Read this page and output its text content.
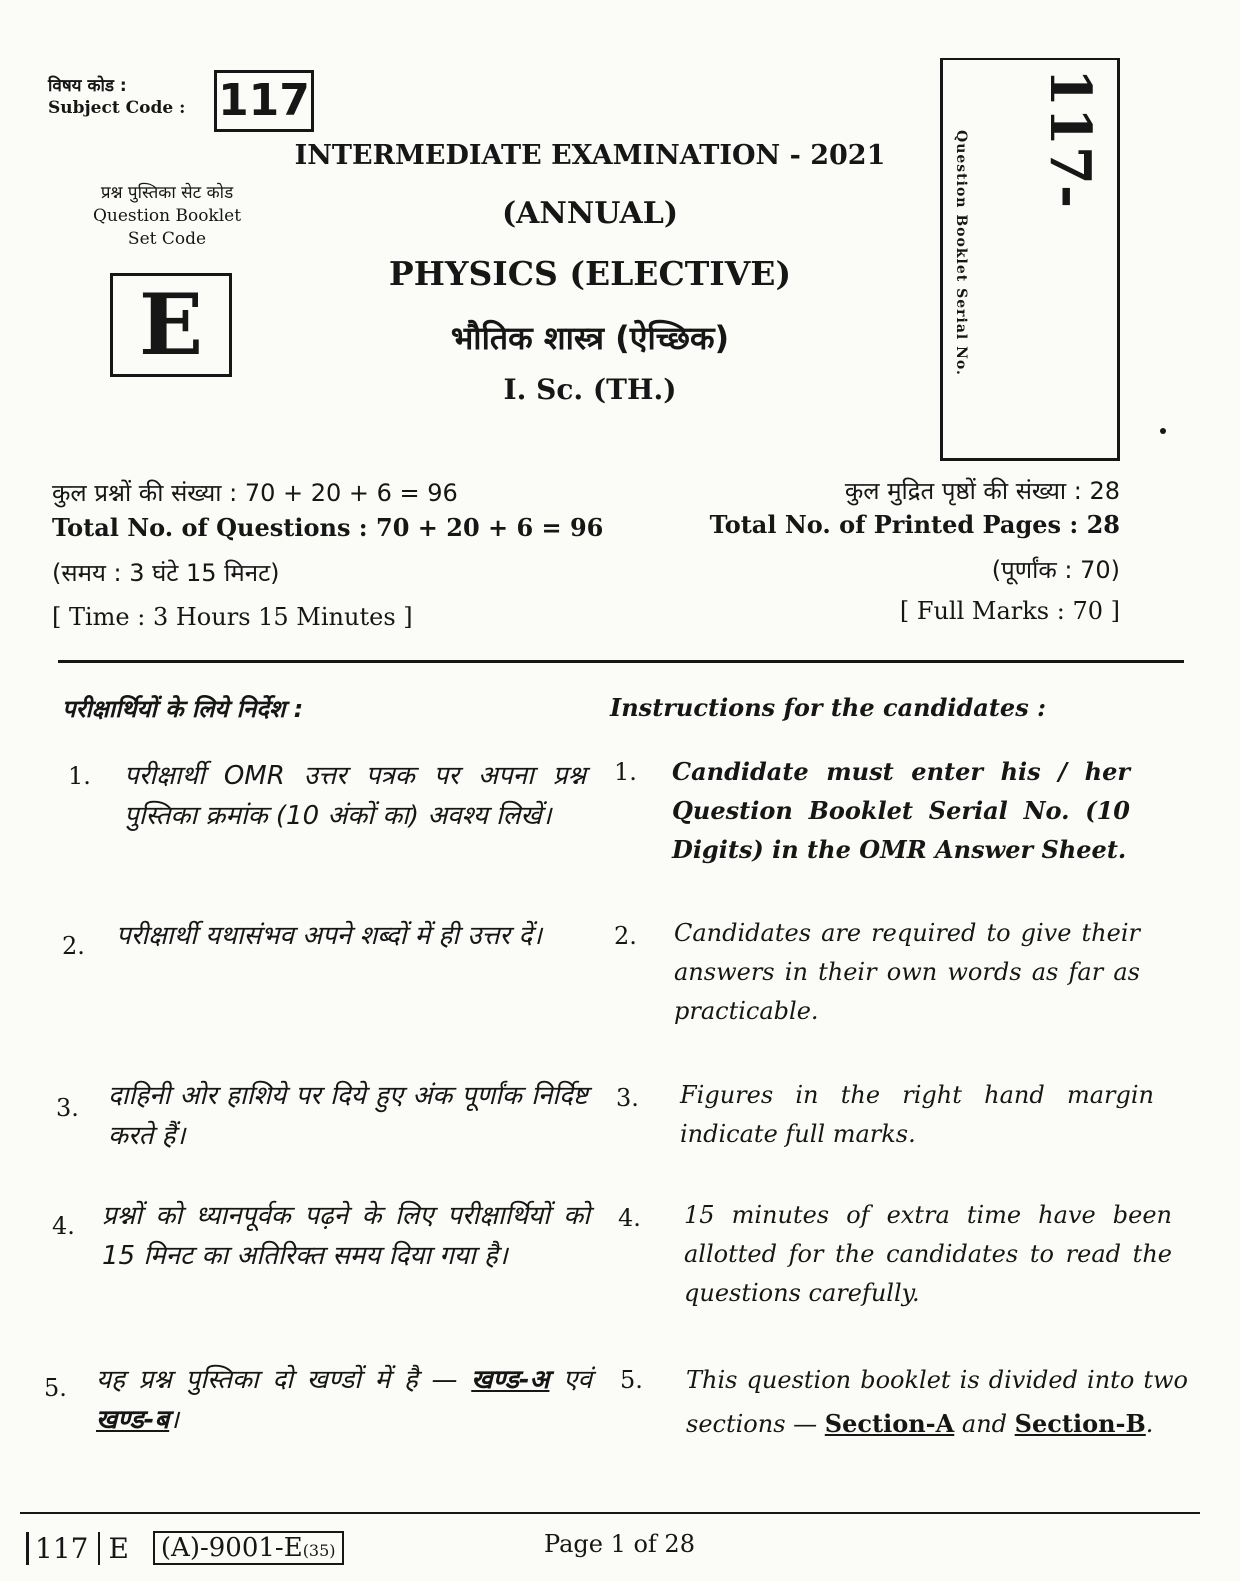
विषय कोड :
Subject Code : 117
प्रश्न पुस्तिका सेट कोड
Question Booklet
Set Code
E
INTERMEDIATE EXAMINATION - 2021
(ANNUAL)
PHYSICS (ELECTIVE)
भौतिक शास्त्र (ऐच्छिक)
I. Sc. (TH.)
Question Booklet Serial No. 117-
कुल प्रश्नों की संख्या : 70 + 20 + 6 = 96
Total No. of Questions : 70 + 20 + 6 = 96
(समय : 3 घंटे 15 मिनट)
[ Time : 3 Hours 15 Minutes ]
कुल मुद्रित पृष्ठों की संख्या : 28
Total No. of Printed Pages : 28
(पूर्णांक : 70)
[ Full Marks : 70 ]
परीक्षार्थियों के लिये निर्देश :	Instructions for the candidates :
1. परीक्षार्थी OMR उत्तर पत्रक पर अपना प्रश्न पुस्तिका क्रमांक (10 अंकों का) अवश्य लिखें।
1. Candidate must enter his / her Question Booklet Serial No. (10 Digits) in the OMR Answer Sheet.
2. परीक्षार्थी यथासंभव अपने शब्दों में ही उत्तर दें।	2. Candidates are required to give their answers in their own words as far as practicable.
3. दाहिनी ओर हाशिये पर दिये हुए अंक पूर्णांक निर्दिष्ट करते हैं।
3. Figures in the right hand margin indicate full marks.
4. प्रश्नों को ध्यानपूर्वक पढ़ने के लिए परीक्षार्थियों को 15 मिनट का अतिरिक्त समय दिया गया है।
4. 15 minutes of extra time have been allotted for the candidates to read the questions carefully.
5. यह प्रश्न पुस्तिका दो खण्डों में है — खण्ड-अ एवं खण्ड-ब।
5. This question booklet is divided into two sections — Section-A and Section-B.
117 E	(A)-9001-E(35)	Page 1 of 28
